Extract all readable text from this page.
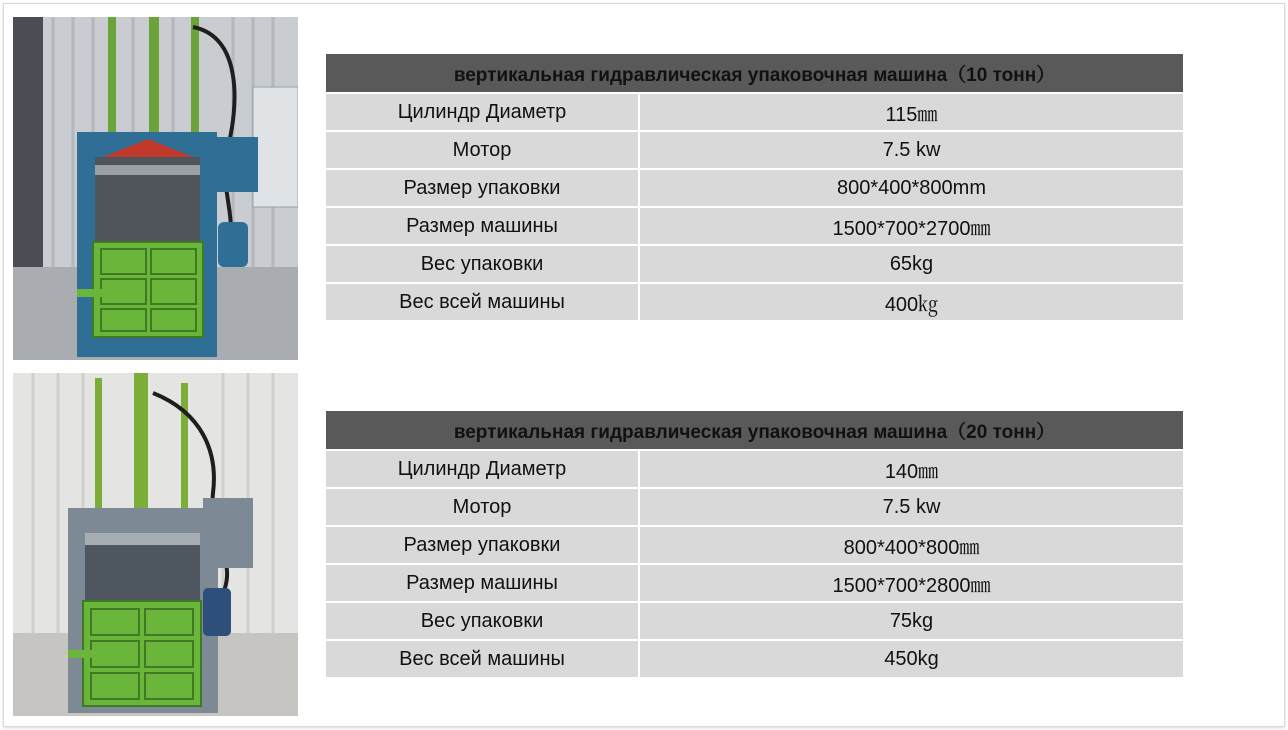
вертикальная гидравлическая упаковочная машина（10 тонн）	
Цилиндр Диаметр	115㎜
Мотор	7.5 kw
Размер упаковки	800*400*800mm
Размер машины	1500*700*2700㎜
Вес упаковки	65kg
Вес всей машины	400㎏
вертикальная гидравлическая упаковочная машина（20 тонн）	
Цилиндр Диаметр	140㎜
Мотор	7.5 kw
Размер упаковки	800*400*800㎜
Размер машины	1500*700*2800㎜
Вес упаковки	75kg
Вес всей машины	450kg
